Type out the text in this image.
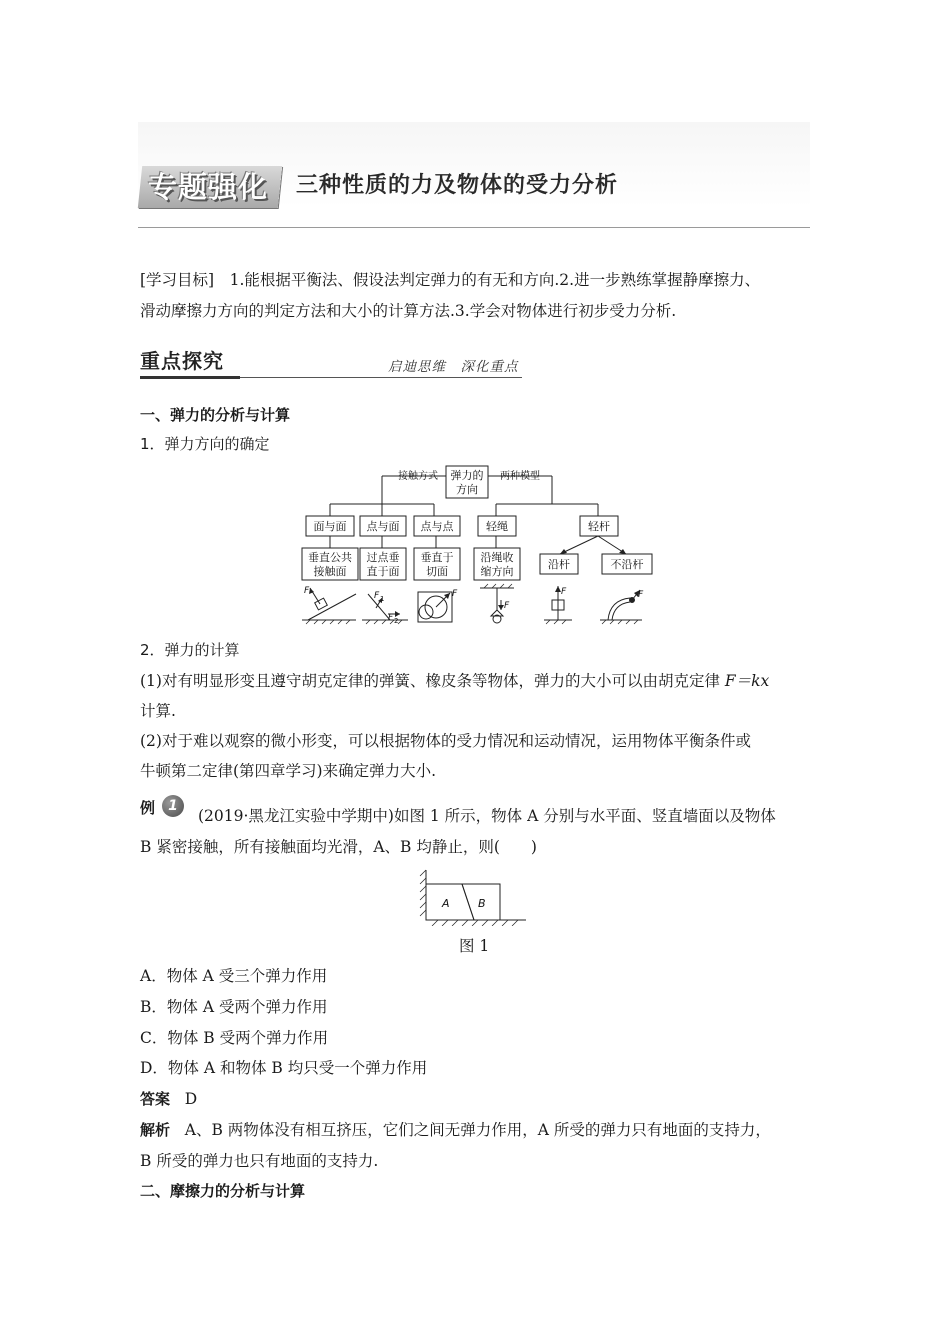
专题强化 三种性质的力及物体的受力分析
[学习目标]　1.能根据平衡法、假设法判定弹力的有无和方向.2.进一步熟练掌握静摩擦力、
滑动摩擦力方向的判定方法和大小的计算方法.3.学会对物体进行初步受力分析.
重点探究	启迪思维　深化重点
一、弹力的分析与计算
1．弹力方向的确定
弹力的
方向
接触方式	两种模型
面与面 点与面 点与点	轻绳	轻杆
垂直公共
接触面
过点垂
直于面
垂直于
切面
沿绳收
缩方向
沿杆	不沿杆
F	F 1
F 2
F
F
F	F
2．弹力的计算
(1)对有明显形变且遵守胡克定律的弹簧、橡皮条等物体，弹力的大小可以由胡克定律 F＝kx
计算.
(2)对于难以观察的微小形变，可以根据物体的受力情况和运动情况，运用物体平衡条件或
牛顿第二定律(第四章学习)来确定弹力大小.
例 1
(2019·黑龙江实验中学期中)如图 1 所示，物体 A 分别与水平面、竖直墙面以及物体
B 紧密接触，所有接触面均光滑，A、B 均静止，则(　　)
A	B
图 1
A．物体 A 受三个弹力作用
B．物体 A 受两个弹力作用
C．物体 B 受两个弹力作用
D．物体 A 和物体 B 均只受一个弹力作用
答案 D
解析 A、B 两物体没有相互挤压，它们之间无弹力作用，A 所受的弹力只有地面的支持力，
B 所受的弹力也只有地面的支持力.
二、摩擦力的分析与计算
